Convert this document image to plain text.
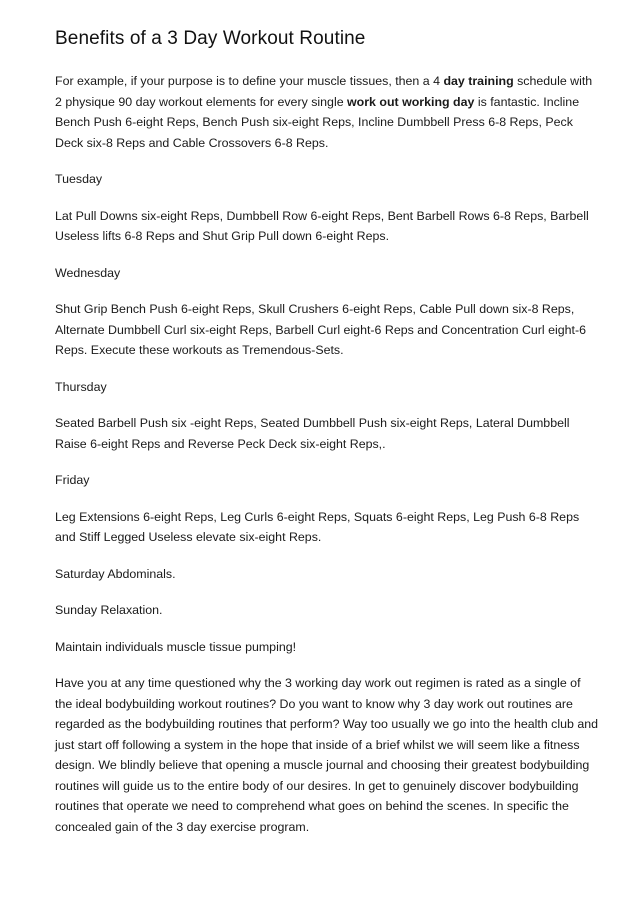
Benefits of a 3 Day Workout Routine

For example, if your purpose is to define your muscle tissues, then a 4 day training schedule with 2 physique 90 day workout elements for every single work out working day is fantastic. Incline Bench Push 6-eight Reps, Bench Push six-eight Reps, Incline Dumbbell Press 6-8 Reps, Peck Deck six-8 Reps and Cable Crossovers 6-8 Reps.

Tuesday

Lat Pull Downs six-eight Reps, Dumbbell Row 6-eight Reps, Bent Barbell Rows 6-8 Reps, Barbell Useless lifts 6-8 Reps and Shut Grip Pull down 6-eight Reps.

Wednesday

Shut Grip Bench Push 6-eight Reps, Skull Crushers 6-eight Reps, Cable Pull down six-8 Reps, Alternate Dumbbell Curl six-eight Reps, Barbell Curl eight-6 Reps and Concentration Curl eight-6 Reps. Execute these workouts as Tremendous-Sets.

Thursday

Seated Barbell Push six -eight Reps, Seated Dumbbell Push six-eight Reps, Lateral Dumbbell Raise 6-eight Reps and Reverse Peck Deck six-eight Reps,.

Friday

Leg Extensions 6-eight Reps, Leg Curls 6-eight Reps, Squats 6-eight Reps, Leg Push 6-8 Reps and Stiff Legged Useless elevate six-eight Reps.

Saturday Abdominals.

Sunday Relaxation.

Maintain individuals muscle tissue pumping!

Have you at any time questioned why the 3 working day work out regimen is rated as a single of the ideal bodybuilding workout routines? Do you want to know why 3 day work out routines are regarded as the bodybuilding routines that perform? Way too usually we go into the health club and just start off following a system in the hope that inside of a brief whilst we will seem like a fitness design. We blindly believe that opening a muscle journal and choosing their greatest bodybuilding routines will guide us to the entire body of our desires. In get to genuinely discover bodybuilding routines that operate we need to comprehend what goes on behind the scenes. In specific the concealed gain of the 3 day exercise program.
